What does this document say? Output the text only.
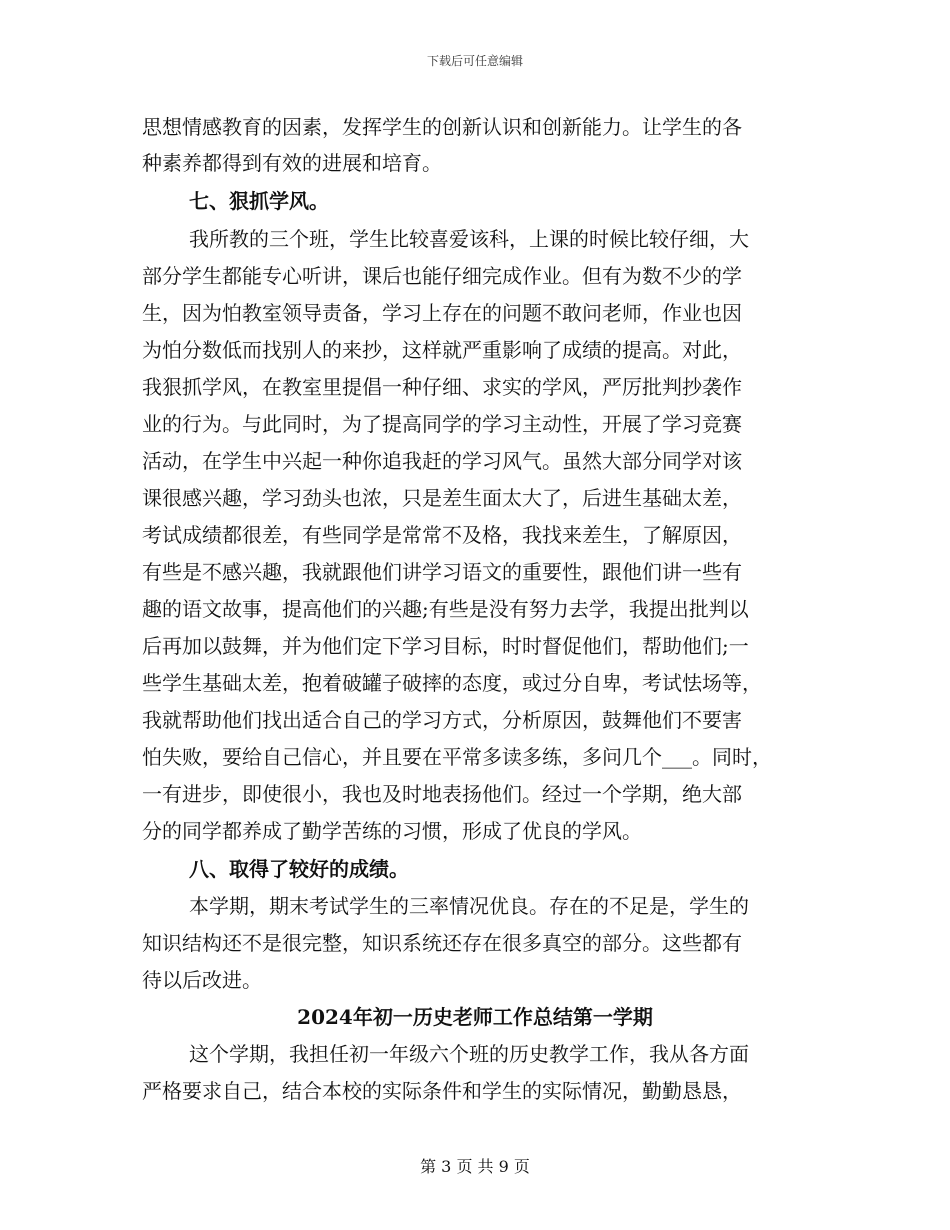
下载后可任意编辑
思想情感教育的因素，发挥学生的创新认识和创新能力。让学生的各
种素养都得到有效的进展和培育。
七、狠抓学风。
我所教的三个班，学生比较喜爱该科，上课的时候比较仔细，大
部分学生都能专心听讲，课后也能仔细完成作业。但有为数不少的学
生，因为怕教室领导责备，学习上存在的问题不敢问老师，作业也因
为怕分数低而找别人的来抄，这样就严重影响了成绩的提高。对此，
我狠抓学风，在教室里提倡一种仔细、求实的学风，严厉批判抄袭作
业的行为。与此同时，为了提高同学的学习主动性，开展了学习竞赛
活动，在学生中兴起一种你追我赶的学习风气。虽然大部分同学对该
课很感兴趣，学习劲头也浓，只是差生面太大了，后进生基础太差，
考试成绩都很差，有些同学是常常不及格，我找来差生，了解原因，
有些是不感兴趣，我就跟他们讲学习语文的重要性，跟他们讲一些有
趣的语文故事，提高他们的兴趣;有些是没有努力去学，我提出批判以
后再加以鼓舞，并为他们定下学习目标，时时督促他们，帮助他们;一
些学生基础太差，抱着破罐子破摔的态度，或过分自卑，考试怯场等，
我就帮助他们找出适合自己的学习方式，分析原因，鼓舞他们不要害
怕失败，要给自己信心，并且要在平常多读多练，多问几个___。同时，
一有进步，即使很小，我也及时地表扬他们。经过一个学期，绝大部
分的同学都养成了勤学苦练的习惯，形成了优良的学风。
八、取得了较好的成绩。
本学期，期末考试学生的三率情况优良。存在的不足是，学生的
知识结构还不是很完整，知识系统还存在很多真空的部分。这些都有
待以后改进。
2024年初一历史老师工作总结第一学期
这个学期，我担任初一年级六个班的历史教学工作，我从各方面
严格要求自己，结合本校的实际条件和学生的实际情况，勤勤恳恳，
第 3 页 共 9 页
